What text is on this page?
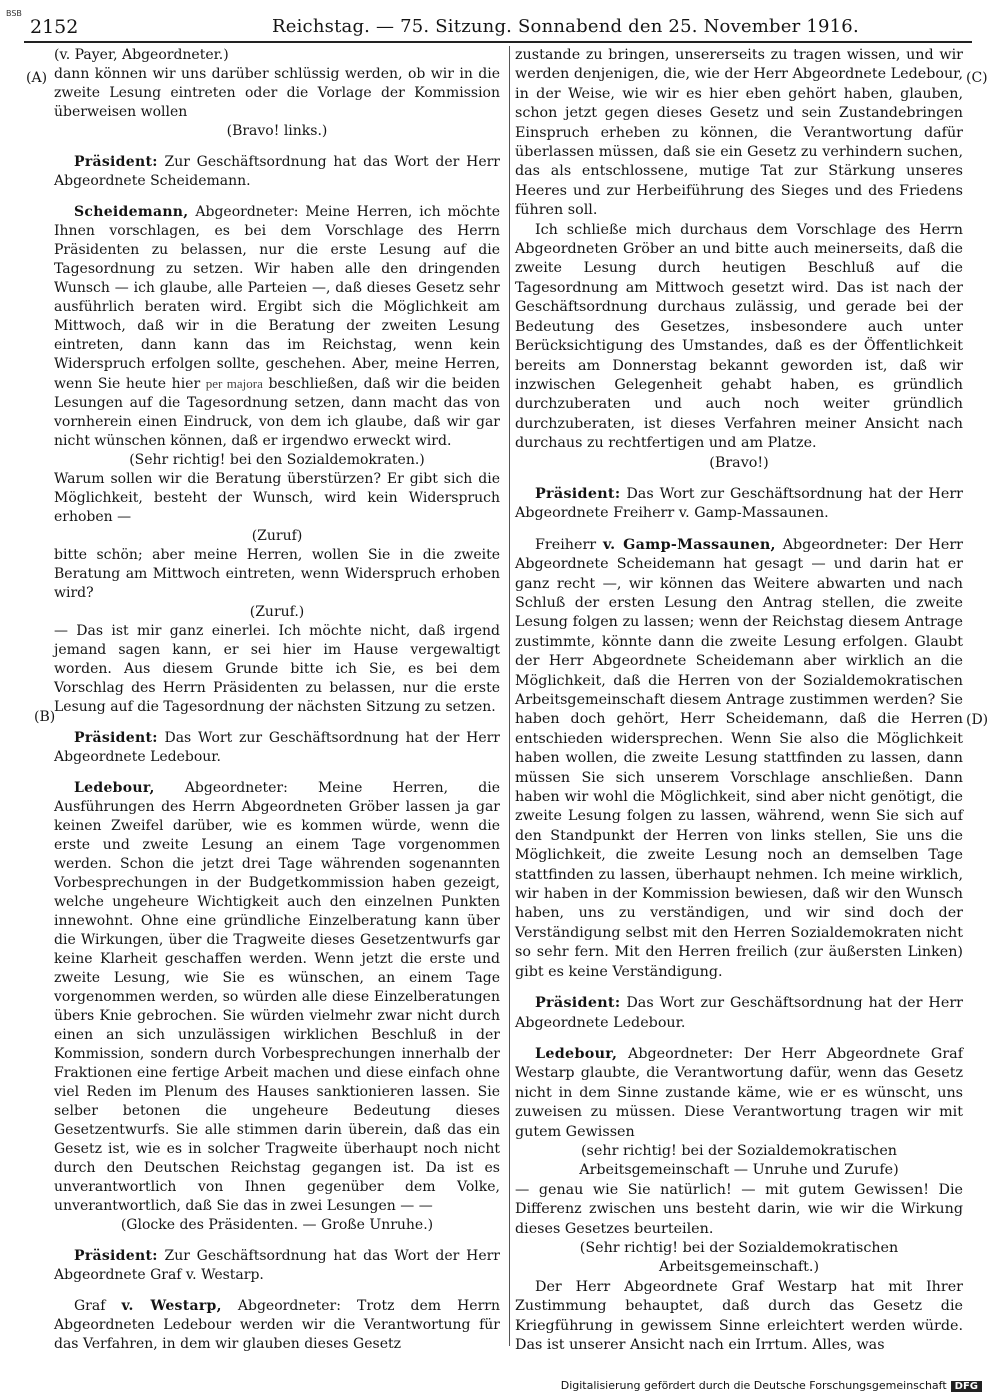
BSB
2152	Reichstag. — 75. Sitzung. Sonnabend den 25. November 1916.
(A)
(B)
(C)
(D)

(v. Payer, Abgeordneter.)

dann können wir uns darüber schlüssig werden, ob wir in die zweite Lesung eintreten oder die Vorlage der Kommission überweisen wollen

(Bravo! links.)

Präsident: Zur Geschäftsordnung hat das Wort der Herr Abgeordnete Scheidemann.

Scheidemann, Abgeordneter: Meine Herren, ich möchte Ihnen vorschlagen, es bei dem Vorschlage des Herrn Präsidenten zu belassen, nur die erste Lesung auf die Tagesordnung zu setzen. Wir haben alle den dringenden Wunsch — ich glaube, alle Parteien —, daß dieses Gesetz sehr ausführlich beraten wird. Ergibt sich die Möglichkeit am Mittwoch, daß wir in die Beratung der zweiten Lesung eintreten, dann kann das im Reichstag, wenn kein Widerspruch erfolgen sollte, geschehen. Aber, meine Herren, wenn Sie heute hier per majora beschließen, daß wir die beiden Lesungen auf die Tagesordnung setzen, dann macht das von vornherein einen Eindruck, von dem ich glaube, daß wir gar nicht wünschen können, daß er irgendwo erweckt wird.

(Sehr richtig! bei den Sozialdemokraten.)

Warum sollen wir die Beratung überstürzen? Er gibt sich die Möglichkeit, besteht der Wunsch, wird kein Widerspruch erhoben —

(Zuruf)

bitte schön; aber meine Herren, wollen Sie in die zweite Beratung am Mittwoch eintreten, wenn Widerspruch erhoben wird?

(Zuruf.)

— Das ist mir ganz einerlei. Ich möchte nicht, daß irgend jemand sagen kann, er sei hier im Hause vergewaltigt worden. Aus diesem Grunde bitte ich Sie, es bei dem Vorschlag des Herrn Präsidenten zu belassen, nur die erste Lesung auf die Tagesordnung der nächsten Sitzung zu setzen.

Präsident: Das Wort zur Geschäftsordnung hat der Herr Abgeordnete Ledebour.

Ledebour, Abgeordneter: Meine Herren, die Ausführungen des Herrn Abgeordneten Gröber lassen ja gar keinen Zweifel darüber, wie es kommen würde, wenn die erste und zweite Lesung an einem Tage vorgenommen werden. Schon die jetzt drei Tage währenden sogenannten Vorbesprechungen in der Budgetkommission haben gezeigt, welche ungeheure Wichtigkeit auch den einzelnen Punkten innewohnt. Ohne eine gründliche Einzelberatung kann über die Wirkungen, über die Tragweite dieses Gesetzentwurfs gar keine Klarheit geschaffen werden. Wenn jetzt die erste und zweite Lesung, wie Sie es wünschen, an einem Tage vorgenommen werden, so würden alle diese Einzelberatungen übers Knie gebrochen. Sie würden vielmehr zwar nicht durch einen an sich unzulässigen wirklichen Beschluß in der Kommission, sondern durch Vorbesprechungen innerhalb der Fraktionen eine fertige Arbeit machen und diese einfach ohne viel Reden im Plenum des Hauses sanktionieren lassen. Sie selber betonen die ungeheure Bedeutung dieses Gesetzentwurfs. Sie alle stimmen darin überein, daß das ein Gesetz ist, wie es in solcher Tragweite überhaupt noch nicht durch den Deutschen Reichstag gegangen ist. Da ist es unverantwortlich von Ihnen gegenüber dem Volke, unverantwortlich, daß Sie das in zwei Lesungen — —

(Glocke des Präsidenten. — Große Unruhe.)

Präsident: Zur Geschäftsordnung hat das Wort der Herr Abgeordnete Graf v. Westarp.

Graf v. Westarp, Abgeordneter: Trotz dem Herrn Abgeordneten Ledebour werden wir die Verantwortung für das Verfahren, in dem wir glauben dieses Gesetz

zustande zu bringen, unsererseits zu tragen wissen, und wir werden denjenigen, die, wie der Herr Abgeordnete Ledebour, in der Weise, wie wir es hier eben gehört haben, glauben, schon jetzt gegen dieses Gesetz und sein Zustandebringen Einspruch erheben zu können, die Verantwortung dafür überlassen müssen, daß sie ein Gesetz zu verhindern suchen, das als entschlossene, mutige Tat zur Stärkung unseres Heeres und zur Herbeiführung des Sieges und des Friedens führen soll.

Ich schließe mich durchaus dem Vorschlage des Herrn Abgeordneten Gröber an und bitte auch meinerseits, daß die zweite Lesung durch heutigen Beschluß auf die Tagesordnung am Mittwoch gesetzt wird. Das ist nach der Geschäftsordnung durchaus zulässig, und gerade bei der Bedeutung des Gesetzes, insbesondere auch unter Berücksichtigung des Umstandes, daß es der Öffentlichkeit bereits am Donnerstag bekannt geworden ist, daß wir inzwischen Gelegenheit gehabt haben, es gründlich durchzuberaten und auch noch weiter gründlich durchzuberaten, ist dieses Verfahren meiner Ansicht nach durchaus zu rechtfertigen und am Platze.

(Bravo!)

Präsident: Das Wort zur Geschäftsordnung hat der Herr Abgeordnete Freiherr v. Gamp-Massaunen.

Freiherr v. Gamp-Massaunen, Abgeordneter: Der Herr Abgeordnete Scheidemann hat gesagt — und darin hat er ganz recht —, wir können das Weitere abwarten und nach Schluß der ersten Lesung den Antrag stellen, die zweite Lesung folgen zu lassen; wenn der Reichstag diesem Antrage zustimmte, könnte dann die zweite Lesung erfolgen. Glaubt der Herr Abgeordnete Scheidemann aber wirklich an die Möglichkeit, daß die Herren von der Sozialdemokratischen Arbeitsgemeinschaft diesem Antrage zustimmen werden? Sie haben doch gehört, Herr Scheidemann, daß die Herren entschieden widersprechen. Wenn Sie also die Möglichkeit haben wollen, die zweite Lesung stattfinden zu lassen, dann müssen Sie sich unserem Vorschlage anschließen. Dann haben wir wohl die Möglichkeit, sind aber nicht genötigt, die zweite Lesung folgen zu lassen, während, wenn Sie sich auf den Standpunkt der Herren von links stellen, Sie uns die Möglichkeit, die zweite Lesung noch an demselben Tage stattfinden zu lassen, überhaupt nehmen. Ich meine wirklich, wir haben in der Kommission bewiesen, daß wir den Wunsch haben, uns zu verständigen, und wir sind doch der Verständigung selbst mit den Herren Sozialdemokraten nicht so sehr fern. Mit den Herren freilich (zur äußersten Linken) gibt es keine Verständigung.

Präsident: Das Wort zur Geschäftsordnung hat der Herr Abgeordnete Ledebour.

Ledebour, Abgeordneter: Der Herr Abgeordnete Graf Westarp glaubte, die Verantwortung dafür, wenn das Gesetz nicht in dem Sinne zustande käme, wie er es wünscht, uns zuweisen zu müssen. Diese Verantwortung tragen wir mit gutem Gewissen

(sehr richtig! bei der Sozialdemokratischen Arbeitsgemeinschaft — Unruhe und Zurufe)

— genau wie Sie natürlich! — mit gutem Gewissen! Die Differenz zwischen uns besteht darin, wie wir die Wirkung dieses Gesetzes beurteilen.

(Sehr richtig! bei der Sozialdemokratischen Arbeitsgemeinschaft.)

Der Herr Abgeordnete Graf Westarp hat mit Ihrer Zustimmung behauptet, daß durch das Gesetz die Kriegführung in gewissem Sinne erleichtert werden würde. Das ist unserer Ansicht nach ein Irrtum. Alles, was

Digitalisierung gefördert durch die Deutsche Forschungsgemeinschaft DFG
